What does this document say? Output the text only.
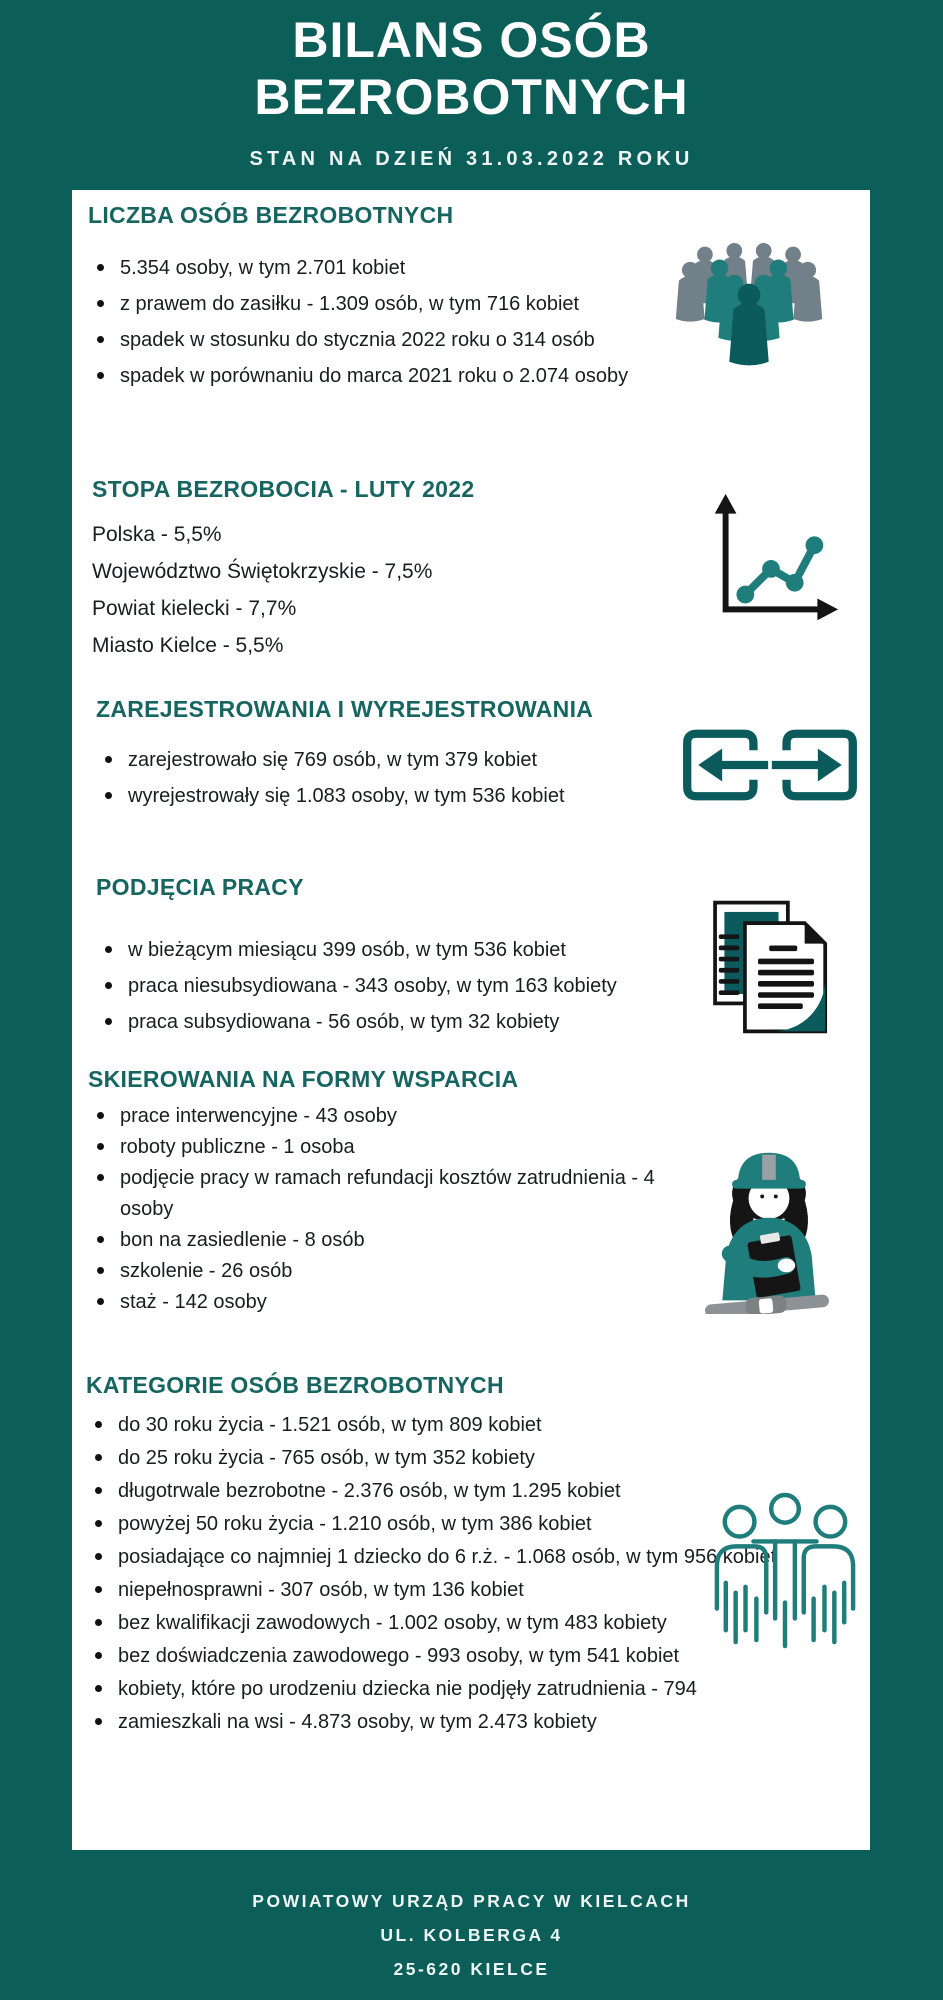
BILANS OSÓB
BEZROBOTNYCH
STAN NA DZIEŃ 31.03.2022 ROKU
LICZBA OSÓB BEZROBOTNYCH
5.354 osoby, w tym 2.701 kobiet
z prawem do zasiłku - 1.309 osób, w tym 716 kobiet
spadek w stosunku do stycznia 2022 roku o 314 osób
spadek w porównaniu do marca 2021 roku o 2.074 osoby
STOPA BEZROBOCIA - LUTY 2022
Polska - 5,5%
Województwo Świętokrzyskie - 7,5%
Powiat kielecki - 7,7%
Miasto Kielce - 5,5%
ZAREJESTROWANIA I WYREJESTROWANIA
zarejestrowało się 769 osób, w tym 379 kobiet
wyrejestrowały się 1.083 osoby, w tym 536 kobiet
PODJĘCIA PRACY
w bieżącym miesiącu 399 osób, w tym 536 kobiet
praca niesubsydiowana - 343 osoby, w tym 163 kobiety
praca subsydiowana - 56 osób, w tym 32 kobiety
SKIEROWANIA NA FORMY WSPARCIA
prace interwencyjne - 43 osoby
roboty publiczne - 1 osoba
podjęcie pracy w ramach refundacji kosztów zatrudnienia - 4 osoby
bon na zasiedlenie - 8 osób
szkolenie - 26 osób
staż - 142 osoby
KATEGORIE OSÓB BEZROBOTNYCH
do 30 roku życia - 1.521 osób, w tym 809 kobiet
do 25 roku życia - 765 osób, w tym 352 kobiety
długotrwale bezrobotne - 2.376 osób, w tym 1.295 kobiet
powyżej 50 roku życia - 1.210 osób, w tym 386 kobiet
posiadające co najmniej 1 dziecko do 6 r.ż. - 1.068 osób, w tym 956 kobiet
niepełnosprawni - 307 osób, w tym 136 kobiet
bez kwalifikacji zawodowych - 1.002 osoby, w tym 483 kobiety
bez doświadczenia zawodowego - 993 osoby, w tym 541 kobiet
kobiety, które po urodzeniu dziecka nie podjęły zatrudnienia - 794
zamieszkali na wsi - 4.873 osoby, w tym 2.473 kobiety
POWIATOWY URZĄD PRACY W KIELCACH
UL. KOLBERGA 4
25-620 KIELCE
